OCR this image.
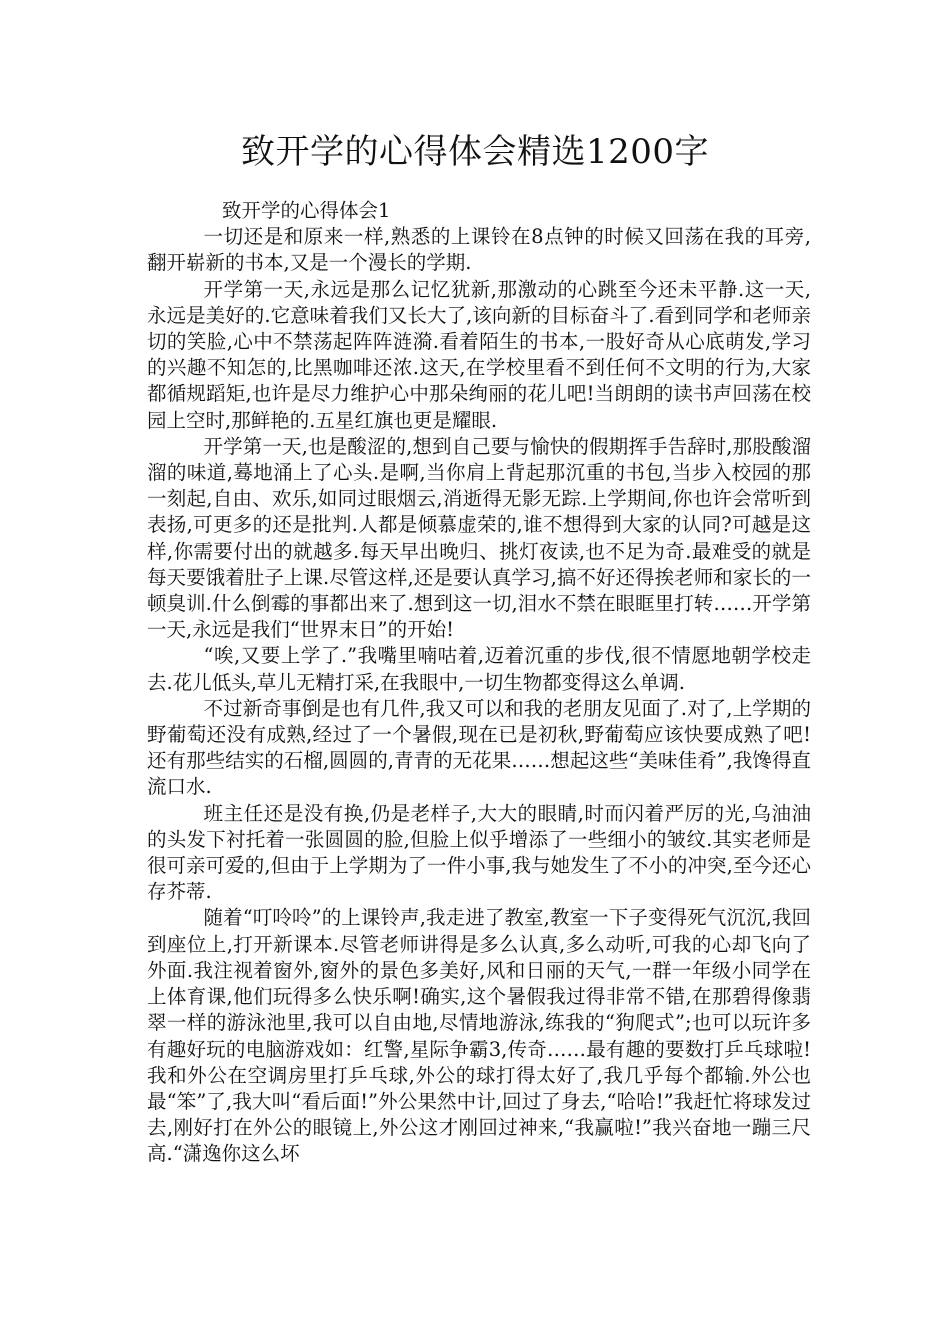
致开学的心得体会精选1200字

致开学的心得体会1

一切还是和原来一样,熟悉的上课铃在8点钟的时候又回荡在我的耳旁,翻开崭新的书本,又是一个漫长的学期.

开学第一天,永远是那么记忆犹新,那激动的心跳至今还未平静.这一天,永远是美好的.它意味着我们又长大了,该向新的目标奋斗了.看到同学和老师亲切的笑脸,心中不禁荡起阵阵涟漪.看着陌生的书本,一股好奇从心底萌发,学习的兴趣不知怎的,比黑咖啡还浓.这天,在学校里看不到任何不文明的行为,大家都循规蹈矩,也许是尽力维护心中那朵绚丽的花儿吧!当朗朗的读书声回荡在校园上空时,那鲜艳的.五星红旗也更是耀眼.

开学第一天,也是酸涩的,想到自己要与愉快的假期挥手告辞时,那股酸溜溜的味道,蓦地涌上了心头.是啊,当你肩上背起那沉重的书包,当步入校园的那一刻起,自由、欢乐,如同过眼烟云,消逝得无影无踪.上学期间,你也许会常听到表扬,可更多的还是批判.人都是倾慕虚荣的,谁不想得到大家的认同?可越是这样,你需要付出的就越多.每天早出晚归、挑灯夜读,也不足为奇.最难受的就是每天要饿着肚子上课.尽管这样,还是要认真学习,搞不好还得挨老师和家长的一顿臭训.什么倒霉的事都出来了.想到这一切,泪水不禁在眼眶里打转……开学第一天,永远是我们“世界末日”的开始!

“唉,又要上学了.”我嘴里喃咕着,迈着沉重的步伐,很不情愿地朝学校走去.花儿低头,草儿无精打采,在我眼中,一切生物都变得这么单调.

不过新奇事倒是也有几件,我又可以和我的老朋友见面了.对了,上学期的野葡萄还没有成熟,经过了一个暑假,现在已是初秋,野葡萄应该快要成熟了吧!还有那些结实的石榴,圆圆的,青青的无花果……想起这些“美味佳肴”,我馋得直流口水.

班主任还是没有换,仍是老样子,大大的眼睛,时而闪着严厉的光,乌油油的头发下衬托着一张圆圆的脸,但脸上似乎增添了一些细小的皱纹.其实老师是很可亲可爱的,但由于上学期为了一件小事,我与她发生了不小的冲突,至今还心存芥蒂.

随着“叮呤呤”的上课铃声,我走进了教室,教室一下子变得死气沉沉,我回到座位上,打开新课本.尽管老师讲得是多么认真,多么动听,可我的心却飞向了外面.我注视着窗外,窗外的景色多美好,风和日丽的天气,一群一年级小同学在上体育课,他们玩得多么快乐啊!确实,这个暑假我过得非常不错,在那碧得像翡翠一样的游泳池里,我可以自由地,尽情地游泳,练我的“狗爬式”;也可以玩许多有趣好玩的电脑游戏如：红警,星际争霸3,传奇……最有趣的要数打乒乓球啦!我和外公在空调房里打乒乓球,外公的球打得太好了,我几乎每个都输.外公也最“笨”了,我大叫“看后面!”外公果然中计,回过了身去,“哈哈!”我赶忙将球发过去,刚好打在外公的眼镜上,外公这才刚回过神来,“我赢啦!”我兴奋地一蹦三尺高.“潇逸你这么坏
